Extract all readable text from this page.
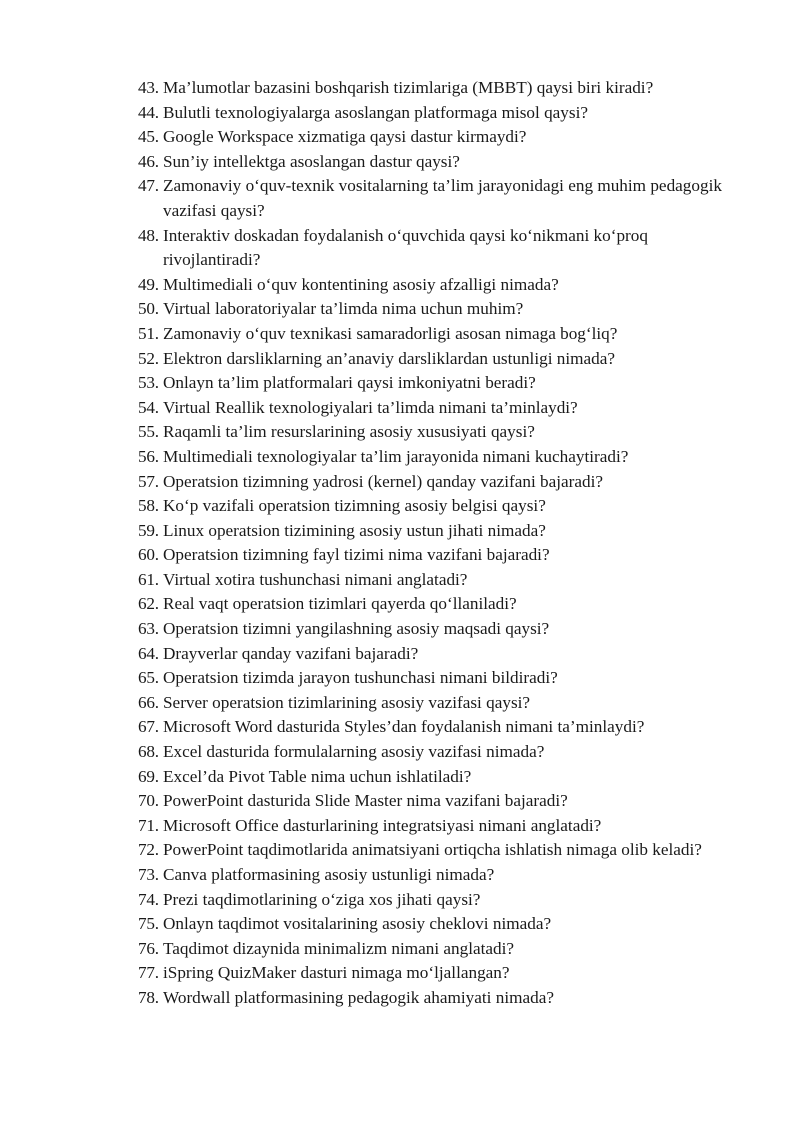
43. Ma’lumotlar bazasini boshqarish tizimlariga (MBBT) qaysi biri kiradi?
44. Bulutli texnologiyalarga asoslangan platformaga misol qaysi?
45. Google Workspace xizmatiga qaysi dastur kirmaydi?
46. Sun’iy intellektga asoslangan dastur qaysi?
47. Zamonaviy o‘quv-texnik vositalarning ta’lim jarayonidagi eng muhim pedagogik vazifasi qaysi?
48. Interaktiv doskadan foydalanish o‘quvchida qaysi ko‘nikmani ko‘proq rivojlantiradi?
49. Multimediali o‘quv kontentining asosiy afzalligi nimada?
50. Virtual laboratoriyalar ta’limda nima uchun muhim?
51. Zamonaviy o‘quv texnikasi samaradorligi asosan nimaga bog‘liq?
52. Elektron darsliklarning an’anaviy darsliklardan ustunligi nimada?
53. Onlayn ta’lim platformalari qaysi imkoniyatni beradi?
54. Virtual Reallik texnologiyalari ta’limda nimani ta’minlaydi?
55. Raqamli ta’lim resurslarining asosiy xususiyati qaysi?
56. Multimediali texnologiyalar ta’lim jarayonida nimani kuchaytiradi?
57. Operatsion tizimning yadrosi (kernel) qanday vazifani bajaradi?
58. Ko‘p vazifali operatsion tizimning asosiy belgisi qaysi?
59. Linux operatsion tizimining asosiy ustun jihati nimada?
60. Operatsion tizimning fayl tizimi nima vazifani bajaradi?
61. Virtual xotira tushunchasi nimani anglatadi?
62. Real vaqt operatsion tizimlari qayerda qo‘llaniladi?
63. Operatsion tizimni yangilashning asosiy maqsadi qaysi?
64. Drayverlar qanday vazifani bajaradi?
65. Operatsion tizimda jarayon tushunchasi nimani bildiradi?
66. Server operatsion tizimlarining asosiy vazifasi qaysi?
67. Microsoft Word dasturida Styles’dan foydalanish nimani ta’minlaydi?
68. Excel dasturida formulalarning asosiy vazifasi nimada?
69. Excel’da Pivot Table nima uchun ishlatiladi?
70. PowerPoint dasturida Slide Master nima vazifani bajaradi?
71. Microsoft Office dasturlarining integratsiyasi nimani anglatadi?
72. PowerPoint taqdimotlarida animatsiyani ortiqcha ishlatish nimaga olib keladi?
73. Canva platformasining asosiy ustunligi nimada?
74. Prezi taqdimotlarining o‘ziga xos jihati qaysi?
75. Onlayn taqdimot vositalarining asosiy cheklovi nimada?
76. Taqdimot dizaynida minimalizm nimani anglatadi?
77. iSpring QuizMaker dasturi nimaga mo‘ljallangan?
78. Wordwall platformasining pedagogik ahamiyati nimada?
